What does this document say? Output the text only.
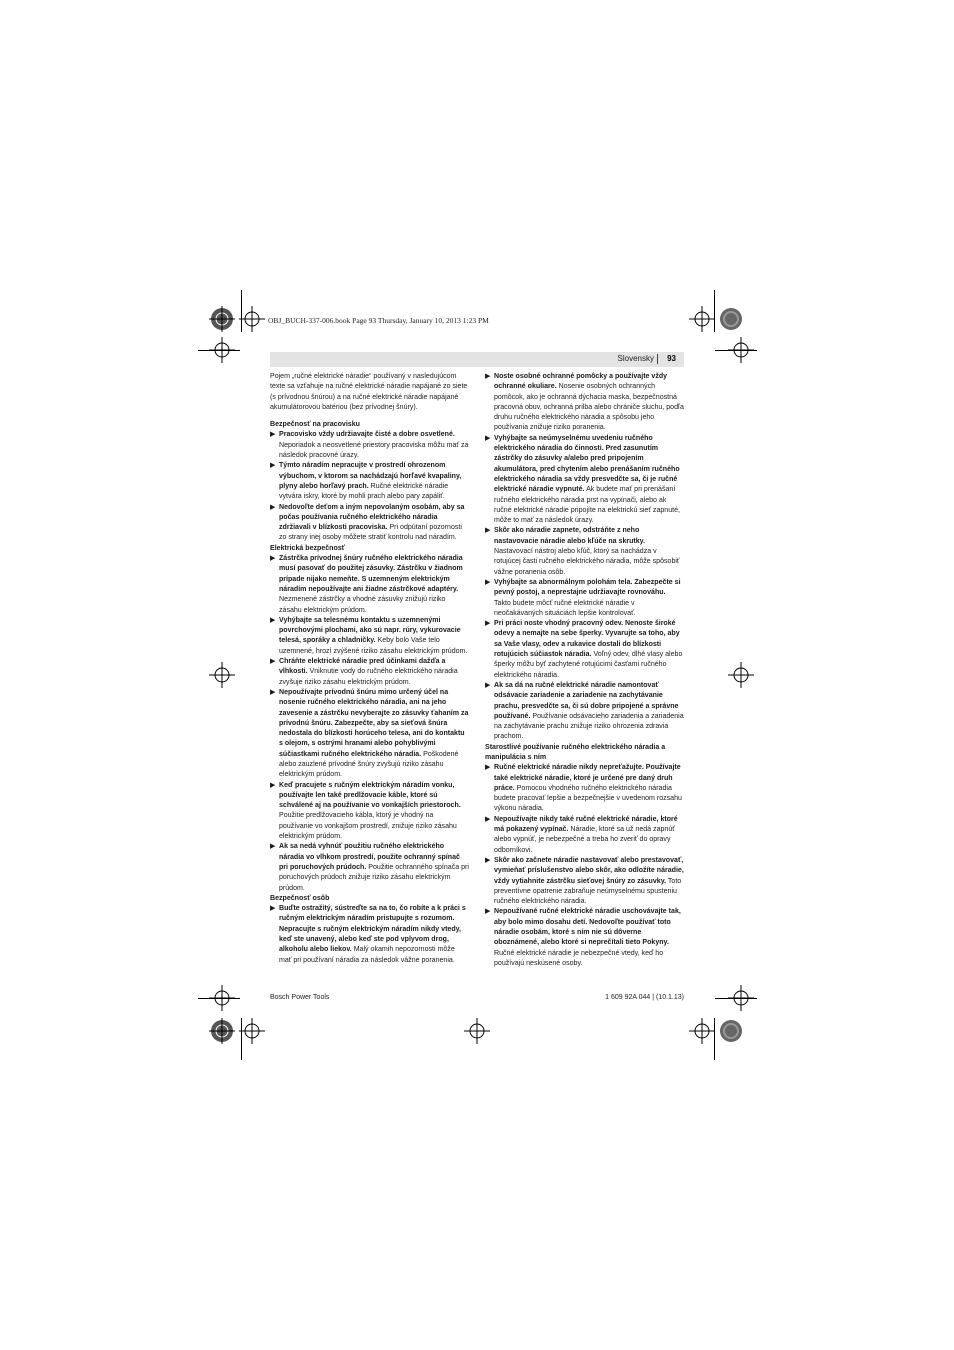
OBJ_BUCH-337-006.book Page 93 Thursday, January 10, 2013 1:23 PM
Slovensky 93

Pojem „ručné elektrické náradie“ používaný v nasledujúcom texte sa vzťahuje na ručné elektrické náradie napájané zo siete (s prívodnou šnúrou) a na ručné elektrické náradie napájané akumulátorovou batériou (bez prívodnej šnúry).

Bezpečnosť na pracovisku

▶ Pracovisko vždy udržiavajte čisté a dobre osvetlené. Neporiadok a neosvetlené priestory pracoviska môžu mať za následok pracovné úrazy.

▶ Týmto náradím nepracujte v prostredí ohrozenom výbuchom, v ktorom sa nachádzajú horľavé kvapaliny, plyny alebo horľavý prach. Ručné elektrické náradie vytvára iskry, ktoré by mohli prach alebo pary zapáliť.

▶ Nedovoľte deťom a iným nepovolaným osobám, aby sa počas používania ručného elektrického náradia zdržiavali v blízkosti pracoviska. Pri odpútaní pozornosti zo strany inej osoby môžete stratiť kontrolu nad náradím.

Elektrická bezpečnosť

▶ Zástrčka prívodnej šnúry ručného elektrického náradia musí pasovať do použitej zásuvky. Zástrčku v žiadnom prípade nijako nemeňte. S uzemneným elektrickým náradím nepoužívajte ani žiadne zástrčkové adaptéry. Nezmenené zástrčky a vhodné zásuvky znižujú riziko zásahu elektrickým prúdom.

▶ Vyhýbajte sa telesnému kontaktu s uzemnenými povrchovými plochami, ako sú napr. rúry, vykurovacie telesá, sporáky a chladničky. Keby bolo Vaše telo uzemnené, hrozí zvýšené riziko zásahu elektrickým prúdom.

▶ Chráňte elektrické náradie pred účinkami dažďa a vlhkosti. Vniknutie vody do ručného elektrického náradia zvyšuje riziko zásahu elektrickým prúdom.

▶ Nepoužívajte prívodnú šnúru mimo určený účel na nosenie ručného elektrického náradia, ani na jeho zavesenie a zástrčku nevyberajte zo zásuvky ťahaním za prívodnú šnúru. Zabezpečte, aby sa sieťová šnúra nedostala do blízkosti horúceho telesa, ani do kontaktu s olejom, s ostrými hranami alebo pohyblivými súčiastkami ručného elektrického náradia. Poškodené alebo zauzlené prívodné šnúry zvyšujú riziko zásahu elektrickým prúdom.

▶ Keď pracujete s ručným elektrickým náradím vonku, používajte len také predlžovacie káble, ktoré sú schválené aj na používanie vo vonkajších priestoroch. Použitie predlžovacieho kábla, ktorý je vhodný na používanie vo vonkajšom prostredí, znižuje riziko zásahu elektrickým prúdom.

▶ Ak sa nedá vyhnúť použitiu ručného elektrického náradia vo vlhkom prostredí, použite ochranný spínač pri poruchových prúdoch. Použitie ochranného spínača pri poruchových prúdoch znižuje riziko zásahu elektrickým prúdom.

Bezpečnosť osôb

▶ Buďte ostražitý, sústreďte sa na to, čo robíte a k práci s ručným elektrickým náradím pristupujte s rozumom. Nepracujte s ručným elektrickým náradím nikdy vtedy, keď ste unavený, alebo keď ste pod vplyvom drog, alkoholu alebo liekov. Malý okamih nepozornosti môže mať pri používaní náradia za následok vážne poranenia.

▶ Noste osobné ochranné pomôcky a používajte vždy ochranné okuliare. Nosenie osobných ochranných pomôcok, ako je ochranná dýchacia maska, bezpečnostná pracovná obuv, ochranná prilba alebo chrániče sluchu, podľa druhu ručného elektrického náradia a spôsobu jeho používania znižuje riziko poranenia.

▶ Vyhýbajte sa neúmyselnému uvedeniu ručného elektrického náradia do činnosti. Pred zasunutím zástrčky do zásuvky a/alebo pred pripojením akumulátora, pred chytením alebo prenášaním ručného elektrického náradia sa vždy presvedčte sa, či je ručné elektrické náradie vypnuté. Ak budete mať pri prenášaní ručného elektrického náradia prst na vypínači, alebo ak ručné elektrické náradie pripojíte na elektrickú sieť zapnuté, môže to mať za následok úrazy.

▶ Skôr ako náradie zapnete, odstráňte z neho nastavovacie náradie alebo kľúče na skrutky. Nastavovací nástroj alebo kľúč, ktorý sa nachádza v rotujúcej časti ručného elektrického náradia, môže spôsobiť vážne poranenia osôb.

▶ Vyhýbajte sa abnormálnym polohám tela. Zabezpečte si pevný postoj, a neprestajne udržiavajte rovnováhu. Takto budete môcť ručné elektrické náradie v neočakávaných situáciách lepšie kontrolovať.

▶ Pri práci noste vhodný pracovný odev. Nenoste široké odevy a nemajte na sebe šperky. Vyvarujte sa toho, aby sa Vaše vlasy, odev a rukavice dostali do blízkosti rotujúcich súčiastok náradia. Voľný odev, dlhé vlasy alebo šperky môžu byť zachytené rotujúcimi časťami ručného elektrického náradia.

▶ Ak sa dá na ručné elektrické náradie namontovať odsávacie zariadenie a zariadenie na zachytávanie prachu, presvedčte sa, či sú dobre pripojené a správne používané. Používanie odsávacieho zariadenia a zariadenia na zachytávanie prachu znižuje riziko ohrozenia zdravia prachom.

Starostlivé používanie ručného elektrického náradia a manipulácia s ním

▶ Ručné elektrické náradie nikdy nepreťažujte. Používajte také elektrické náradie, ktoré je určené pre daný druh práce. Pomocou vhodného ručného elektrického náradia budete pracovať lepšie a bezpečnejšie v uvedenom rozsahu výkonu náradia.

▶ Nepoužívajte nikdy také ručné elektrické náradie, ktoré má pokazený vypínač. Náradie, ktoré sa už nedá zapnúť alebo vypnúť, je nebezpečné a treba ho zveriť do opravy odborníkovi.

▶ Skôr ako začnete náradie nastavovať alebo prestavovať, vymieňať príslušenstvo alebo skôr, ako odložíte náradie, vždy vytiahnite zástrčku sieťovej šnúry zo zásuvky. Toto preventívne opatrenie zabraňuje neúmyselnému spusteniu ručného elektrického náradia.

▶ Nepoužívané ručné elektrické náradie uschovávajte tak, aby bolo mimo dosahu detí. Nedovoľte používať toto náradie osobám, ktoré s ním nie sú dôverne oboznámené, alebo ktoré si neprečítali tieto Pokyny. Ručné elektrické náradie je nebezpečné vtedy, keď ho používajú neskúsené osoby.

Bosch Power Tools	1 609 92A 044 | (10.1.13)
